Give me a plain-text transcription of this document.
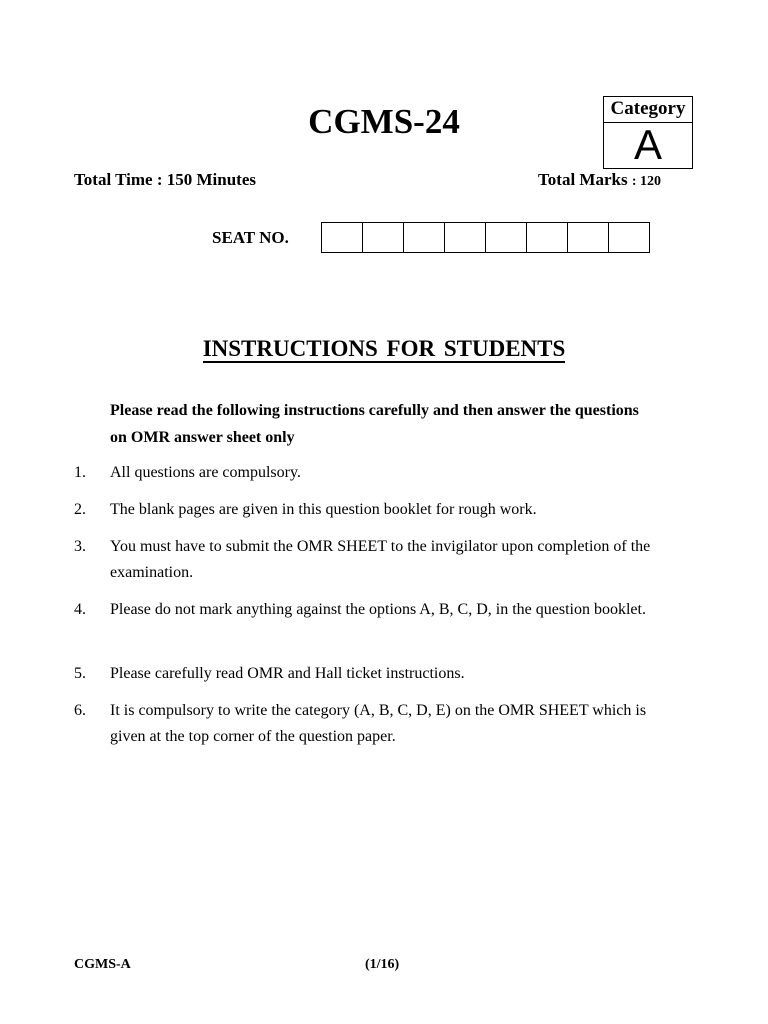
CGMS-24	Category
A
Total Time : 150 Minutes	Total Marks : 120
SEAT NO.
INSTRUCTIONS FOR STUDENTS
Please read the following instructions carefully and then answer the questions on OMR answer sheet only
1. All questions are compulsory.
2. The blank pages are given in this question booklet for rough work.
3. You must have to submit the OMR SHEET to the invigilator upon completion of the examination.
4. Please do not mark anything against the options A, B, C, D, in the question booklet.
5. Please carefully read OMR and Hall ticket instructions.
6. It is compulsory to write the category (A, B, C, D, E) on the OMR SHEET which is given at the top corner of the question paper.
CGMS-A	(1/16)
